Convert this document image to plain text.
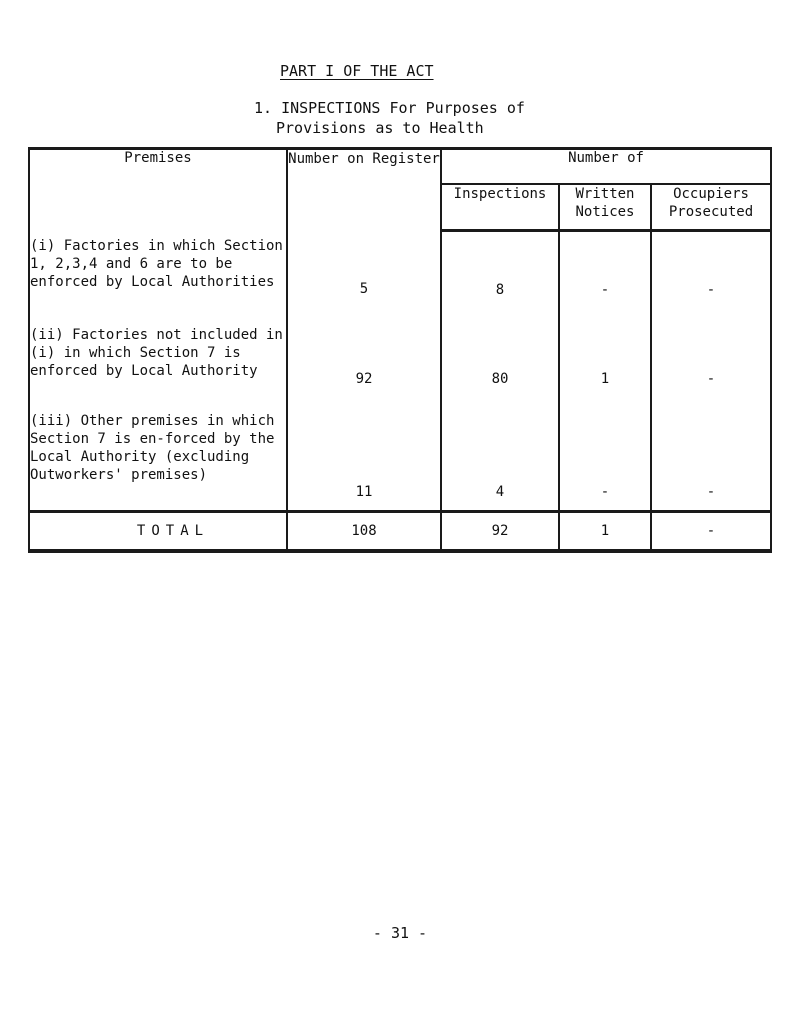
PART I OF THE ACT
1. INSPECTIONS For Purposes of
Provisions as to Health
Premises	Number on Register	Number of		
		Inspections	Written Notices	Occupiers Prosecuted
(i) Factories in which Section 1, 2,3,4 and 6 are to be enforced by Local Authorities	5	8	-	-

(ii) Factories not included in (i) in which Section 7 is enforced by Local Authority	92	80	1	-

(iii) Other premises in which Section 7 is en-forced by the Local Authority (excluding Outworkers' premises)	11	4	-	-

TOTAL	108	92	1	-
- 31 -
